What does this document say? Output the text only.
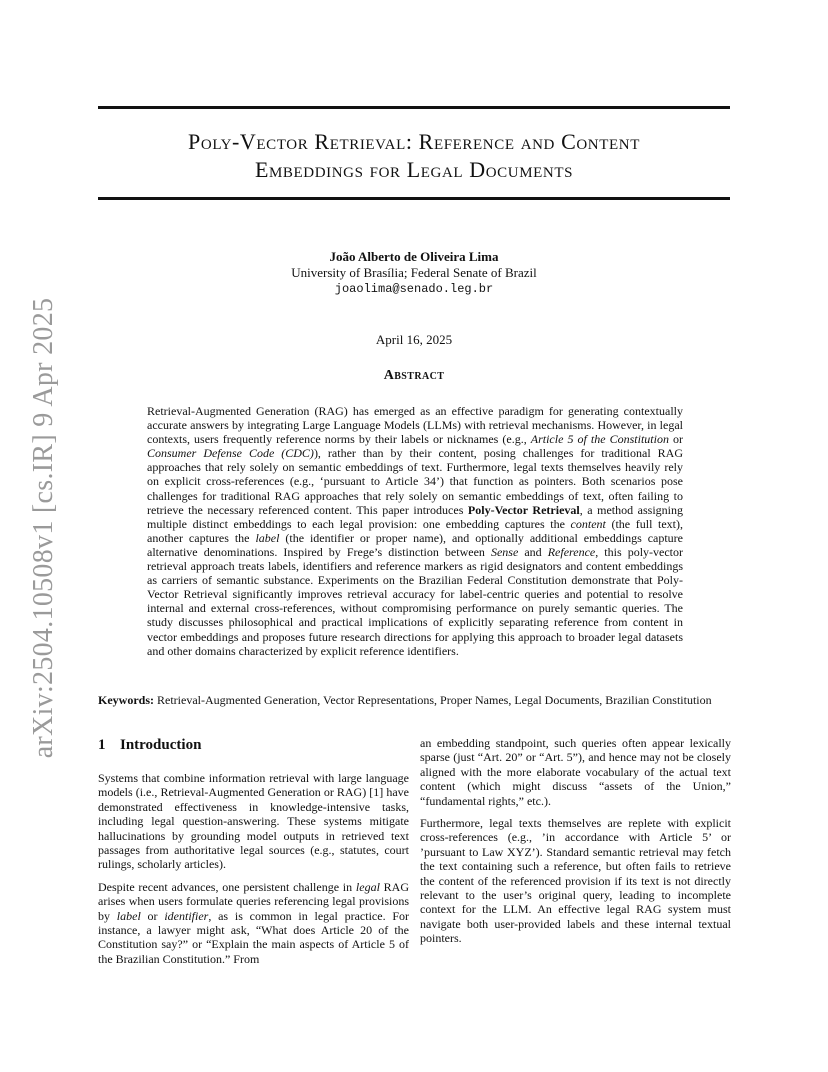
arXiv:2504.10508v1 [cs.IR] 9 Apr 2025
Poly-Vector Retrieval: Reference and Content
Embeddings for Legal Documents
João Alberto de Oliveira Lima
University of Brasília; Federal Senate of Brazil
joaolima@senado.leg.br
April 16, 2025
Abstract

Retrieval-Augmented Generation (RAG) has emerged as an effective paradigm for generating contextually accurate answers by integrating Large Language Models (LLMs) with retrieval mechanisms. However, in legal contexts, users frequently reference norms by their labels or nicknames (e.g., Article 5 of the Constitution or Consumer Defense Code (CDC)), rather than by their content, posing challenges for traditional RAG approaches that rely solely on semantic embeddings of text. Furthermore, legal texts themselves heavily rely on explicit cross-references (e.g., ‘pursuant to Article 34’) that function as pointers. Both scenarios pose challenges for traditional RAG approaches that rely solely on semantic embeddings of text, often failing to retrieve the necessary referenced content. This paper introduces Poly-Vector Retrieval, a method assigning multiple distinct embeddings to each legal provision: one embedding captures the content (the full text), another captures the label (the identifier or proper name), and optionally additional embeddings capture alternative denominations. Inspired by Frege’s distinction between Sense and Reference, this poly-vector retrieval approach treats labels, identifiers and reference markers as rigid designators and content embeddings as carriers of semantic substance. Experiments on the Brazilian Federal Constitution demonstrate that Poly-Vector Retrieval significantly improves retrieval accuracy for label-centric queries and potential to resolve internal and external cross-references, without compromising performance on purely semantic queries. The study discusses philosophical and practical implications of explicitly separating reference from content in vector embeddings and proposes future research directions for applying this approach to broader legal datasets and other domains characterized by explicit reference identifiers.

Keywords: Retrieval-Augmented Generation, Vector Representations, Proper Names, Legal Documents, Brazilian Constitution

1 Introduction

Systems that combine information retrieval with large language models (i.e., Retrieval-Augmented Generation or RAG) [1] have demonstrated effectiveness in knowledge-intensive tasks, including legal question-answering. These systems mitigate hallucinations by grounding model outputs in retrieved text passages from authoritative legal sources (e.g., statutes, court rulings, scholarly articles).

Despite recent advances, one persistent challenge in legal RAG arises when users formulate queries referencing legal provisions by label or identifier, as is common in legal practice. For instance, a lawyer might ask, “What does Article 20 of the Constitution say?” or “Explain the main aspects of Article 5 of the Brazilian Constitution.” From

an embedding standpoint, such queries often appear lexically sparse (just “Art. 20” or “Art. 5”), and hence may not be closely aligned with the more elaborate vocabulary of the actual text content (which might discuss “assets of the Union,” “fundamental rights,” etc.).

Furthermore, legal texts themselves are replete with explicit cross-references (e.g., ’in accordance with Article 5’ or ’pursuant to Law XYZ’). Standard semantic retrieval may fetch the text containing such a reference, but often fails to retrieve the content of the referenced provision if its text is not directly relevant to the user’s original query, leading to incomplete context for the LLM. An effective legal RAG system must navigate both user-provided labels and these internal textual pointers.
